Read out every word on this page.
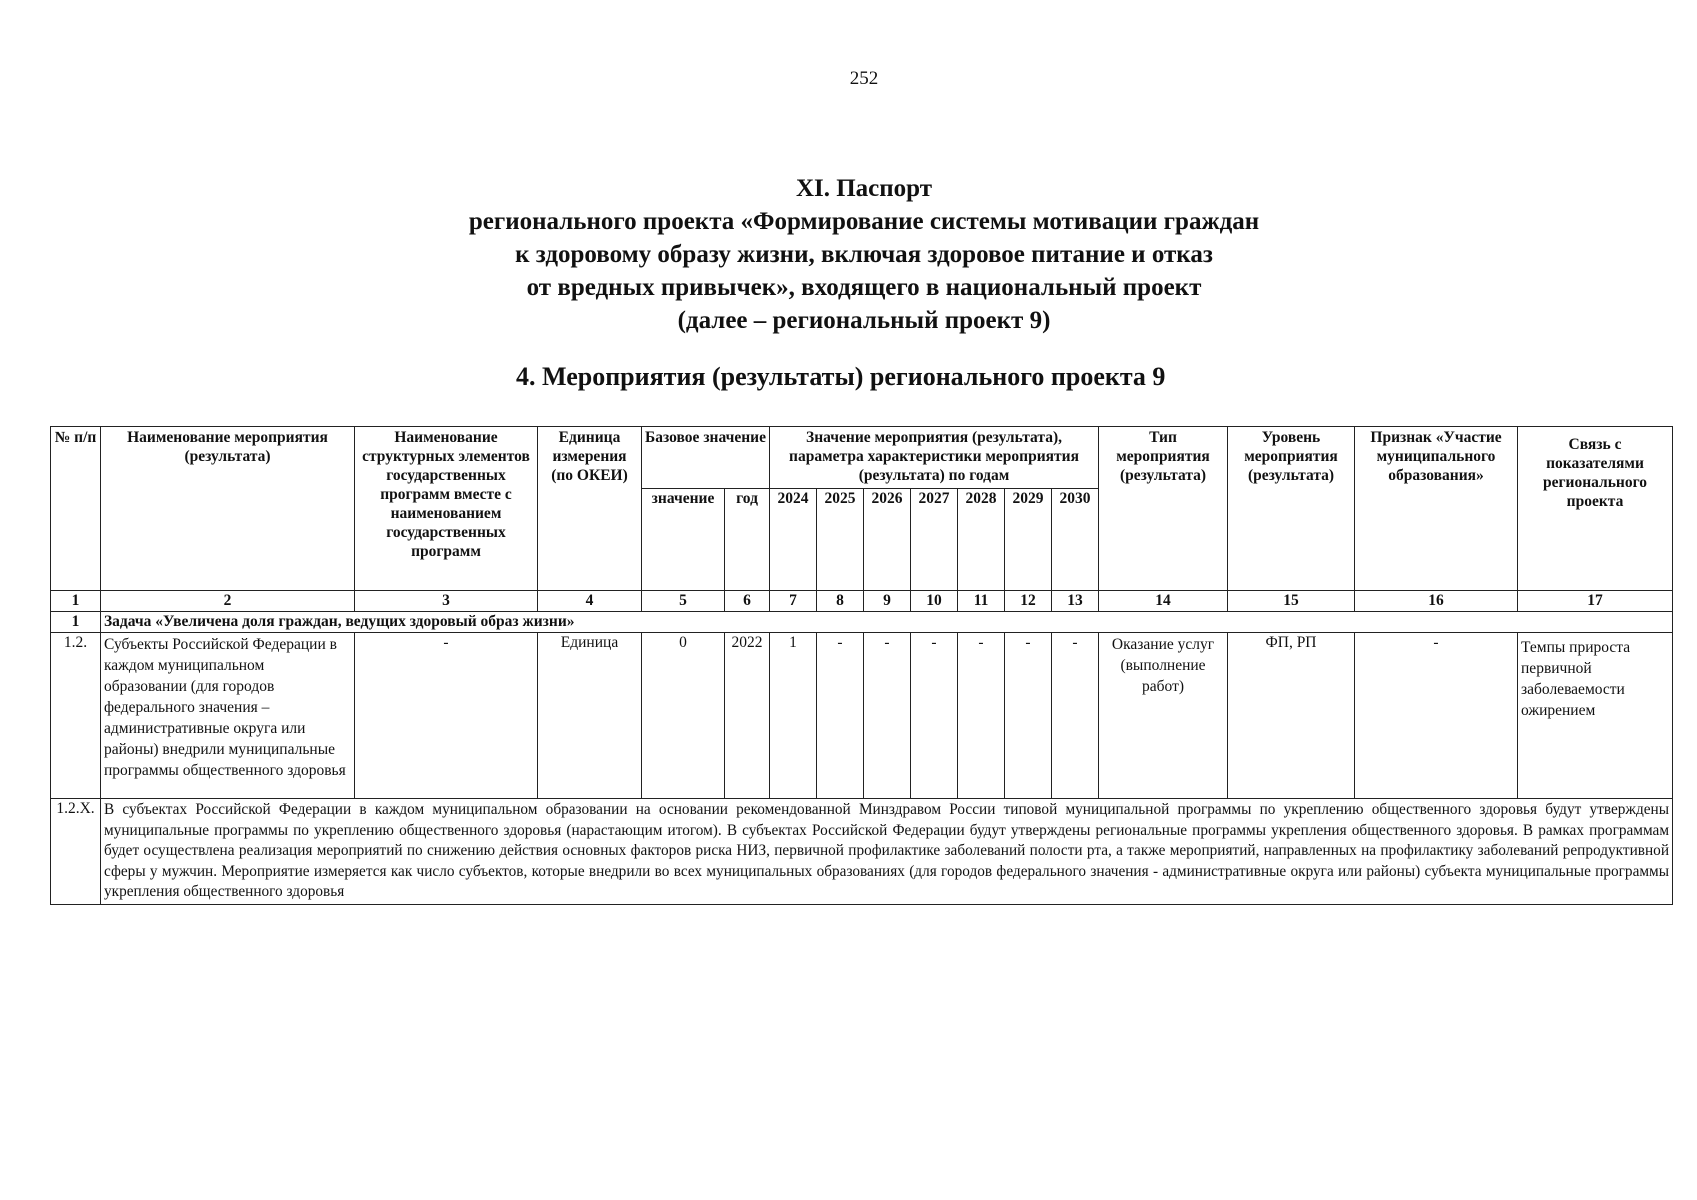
252
XI. Паспорт
регионального проекта «Формирование системы мотивации граждан
к здоровому образу жизни, включая здоровое питание и отказ
от вредных привычек», входящего в национальный проект
(далее – региональный проект 9)
4. Мероприятия (результаты) регионального проекта 9
№ п/п	Наименование мероприятия (результата)	Наименование структурных элементов государственных программ вместе с наименованием государственных программ	Единица измерения (по ОКЕИ)	Базовое значение		Значение мероприятия (результата), параметра характеристики мероприятия (результата) по годам							Тип мероприятия (результата)	Уровень мероприятия (результата)	Признак «Участие муниципального образования»	Связь с показателями регионального проекта
				значение	год	2024	2025	2026	2027	2028	2029	2030				
1	2	3	4	5	6	7	8	9	10	11	12	13	14	15	16	17
1	Задача «Увеличена доля граждан, ведущих здоровый образ жизни»															
1.2.	Субъекты Российской Федерации в каждом муниципальном образовании (для городов федерального значения – административные округа или районы) внедрили муниципальные программы общественного здоровья	-	Единица	0	2022	1	-	-	-	-	-	-	Оказание услуг (выполнение работ)	ФП, РП	-	Темпы прироста первичной заболеваемости ожирением
1.2.X.	В субъектах Российской Федерации в каждом муниципальном образовании на основании рекомендованной Минздравом России типовой муниципальной программы по укреплению общественного здоровья будут утверждены муниципальные программы по укреплению общественного здоровья (нарастающим итогом). В субъектах Российской Федерации будут утверждены региональные программы укрепления общественного здоровья. В рамках программам будет осуществлена реализация мероприятий по снижению действия основных факторов риска НИЗ, первичной профилактике заболеваний полости рта, а также мероприятий, направленных на профилактику заболеваний репродуктивной сферы у мужчин. Мероприятие измеряется как число субъектов, которые внедрили во всех муниципальных образованиях (для городов федерального значения - административные округа или районы) субъекта муниципальные программы укрепления общественного здоровья															
